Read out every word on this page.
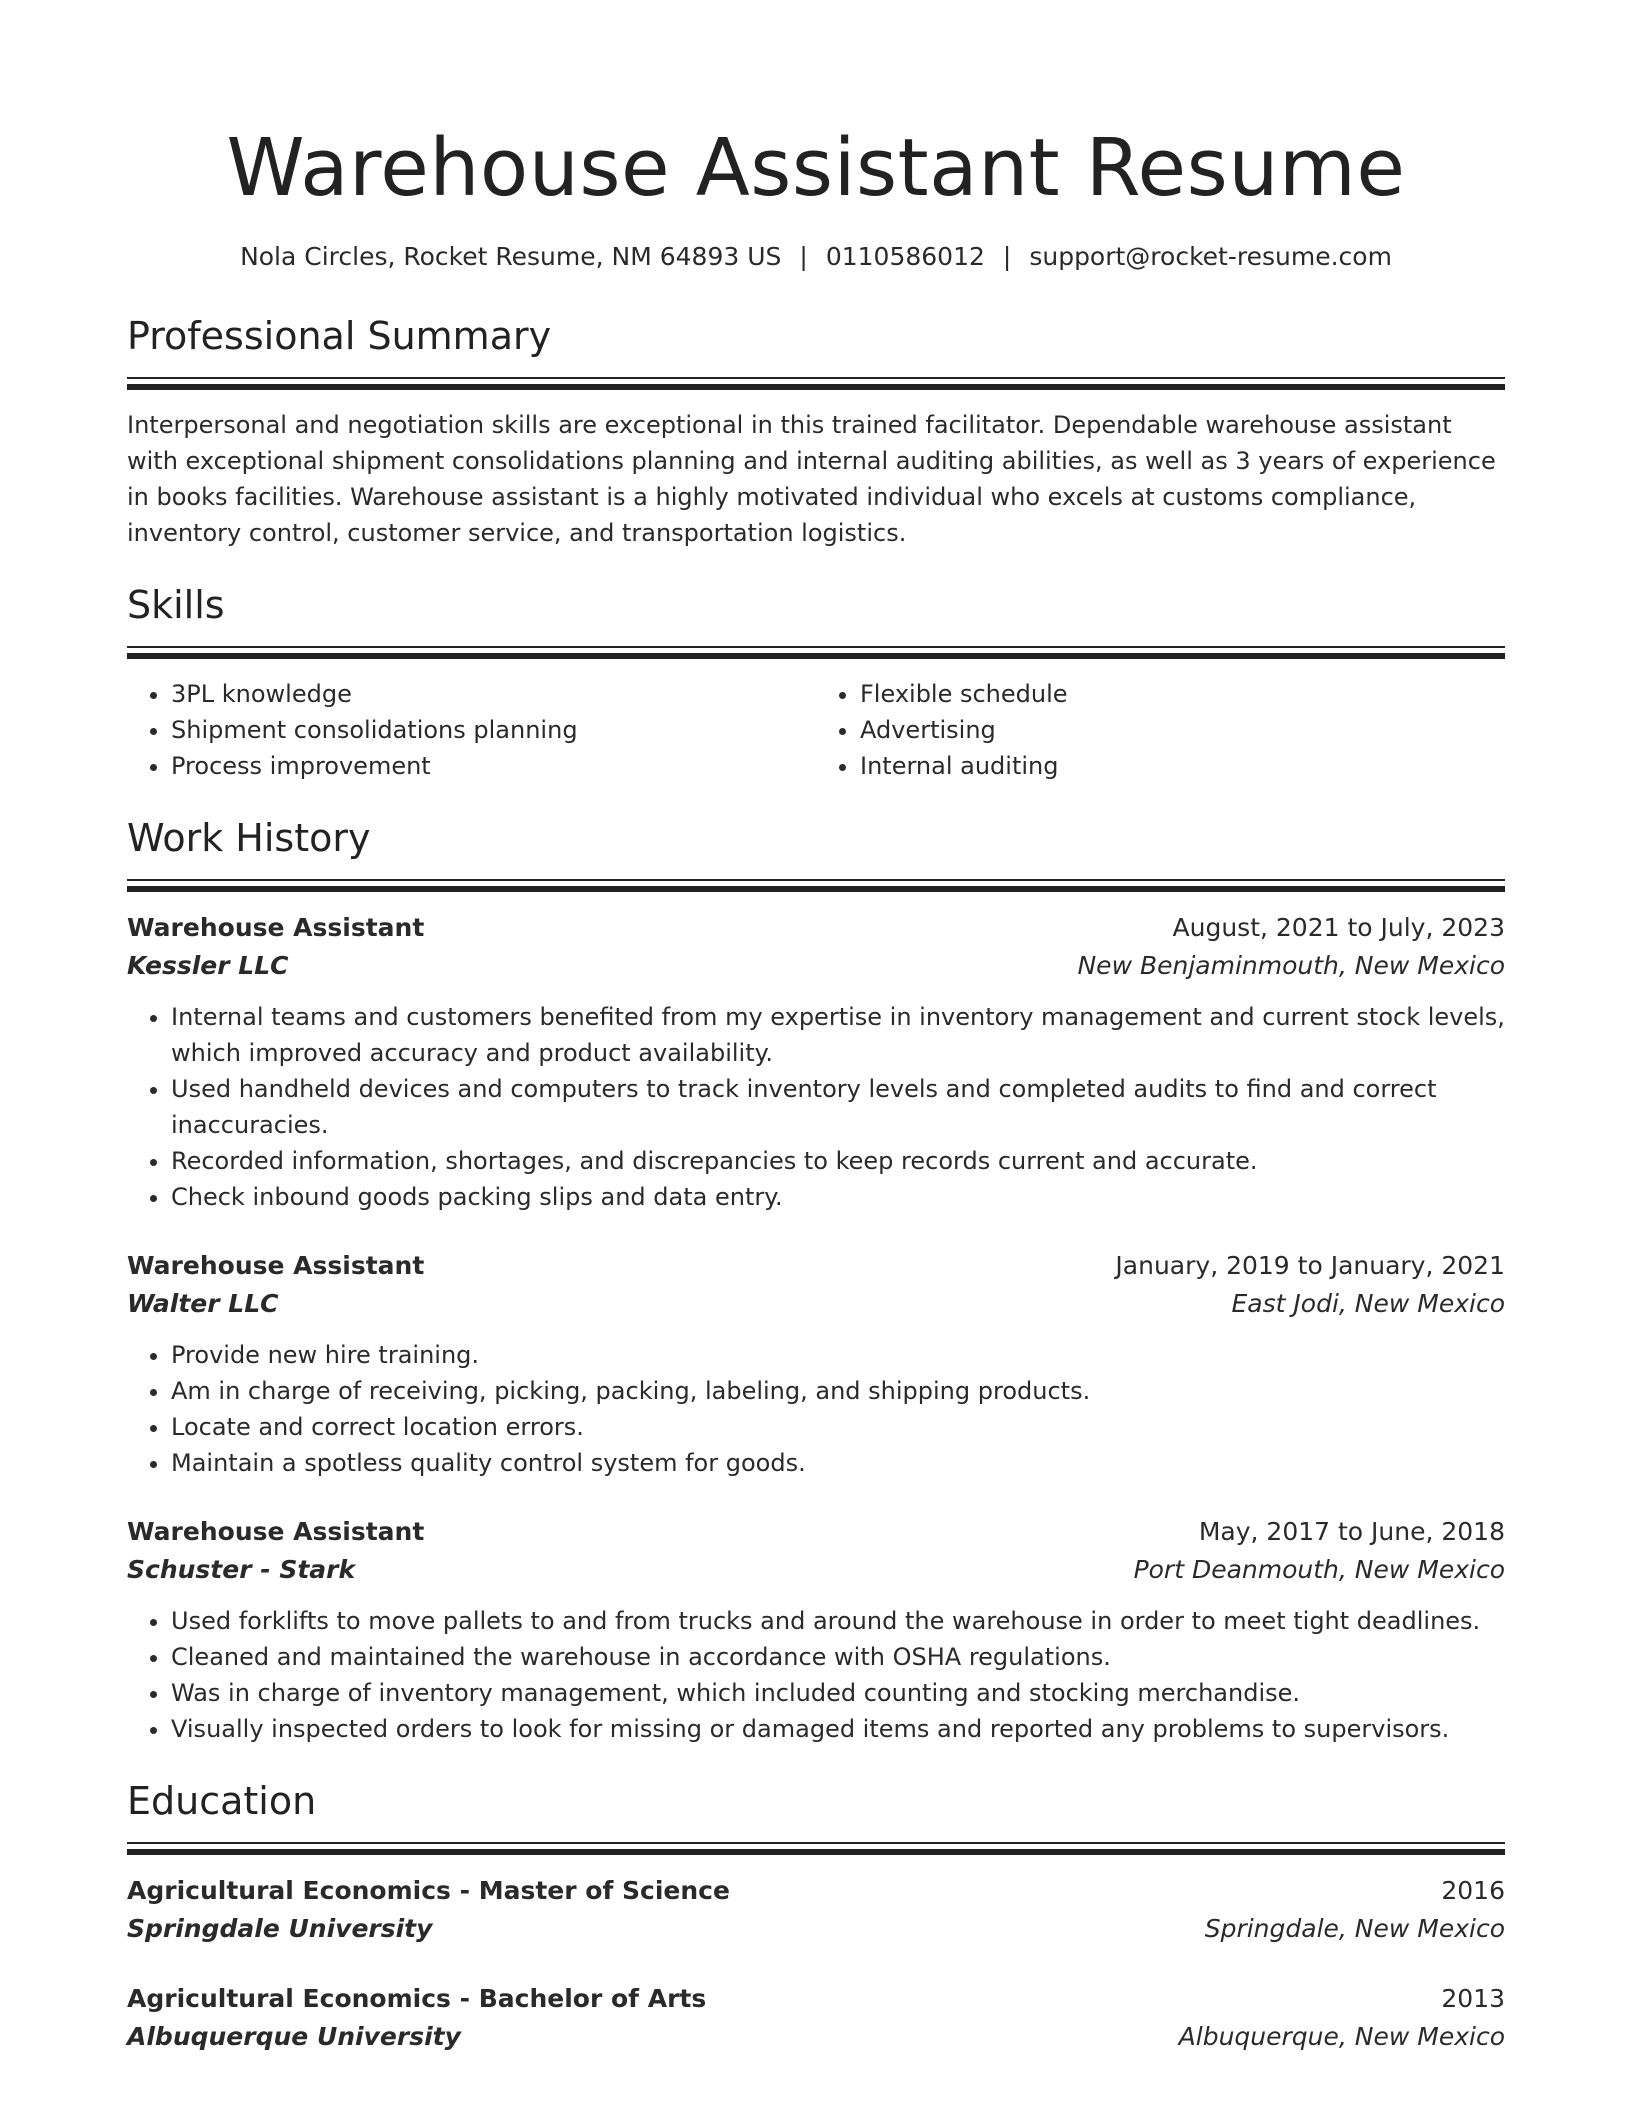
Warehouse Assistant Resume
Nola Circles, Rocket Resume, NM 64893 US | 0110586012 | support@rocket-resume.com
Professional Summary

Interpersonal and negotiation skills are exceptional in this trained facilitator. Dependable warehouse assistant with exceptional shipment consolidations planning and internal auditing abilities, as well as 3 years of experience in books facilities. Warehouse assistant is a highly motivated individual who excels at customs compliance, inventory control, customer service, and transportation logistics.

Skills
• 3PL knowledge
• Shipment consolidations planning
• Process improvement
• Flexible schedule
• Advertising
• Internal auditing
Work History
Warehouse Assistant	August, 2021 to July, 2023
Kessler LLC	New Benjaminmouth, New Mexico
• Internal teams and customers benefited from my expertise in inventory management and current stock levels, which improved accuracy and product availability.
• Used handheld devices and computers to track inventory levels and completed audits to find and correct inaccuracies.
• Recorded information, shortages, and discrepancies to keep records current and accurate.
• Check inbound goods packing slips and data entry.
Warehouse Assistant	January, 2019 to January, 2021
Walter LLC	East Jodi, New Mexico
• Provide new hire training.
• Am in charge of receiving, picking, packing, labeling, and shipping products.
• Locate and correct location errors.
• Maintain a spotless quality control system for goods.
Warehouse Assistant	May, 2017 to June, 2018
Schuster - Stark	Port Deanmouth, New Mexico
• Used forklifts to move pallets to and from trucks and around the warehouse in order to meet tight deadlines.
• Cleaned and maintained the warehouse in accordance with OSHA regulations.
• Was in charge of inventory management, which included counting and stocking merchandise.
• Visually inspected orders to look for missing or damaged items and reported any problems to supervisors.
Education
Agricultural Economics - Master of Science	2016
Springdale University	Springdale, New Mexico
Agricultural Economics - Bachelor of Arts	2013
Albuquerque University	Albuquerque, New Mexico
